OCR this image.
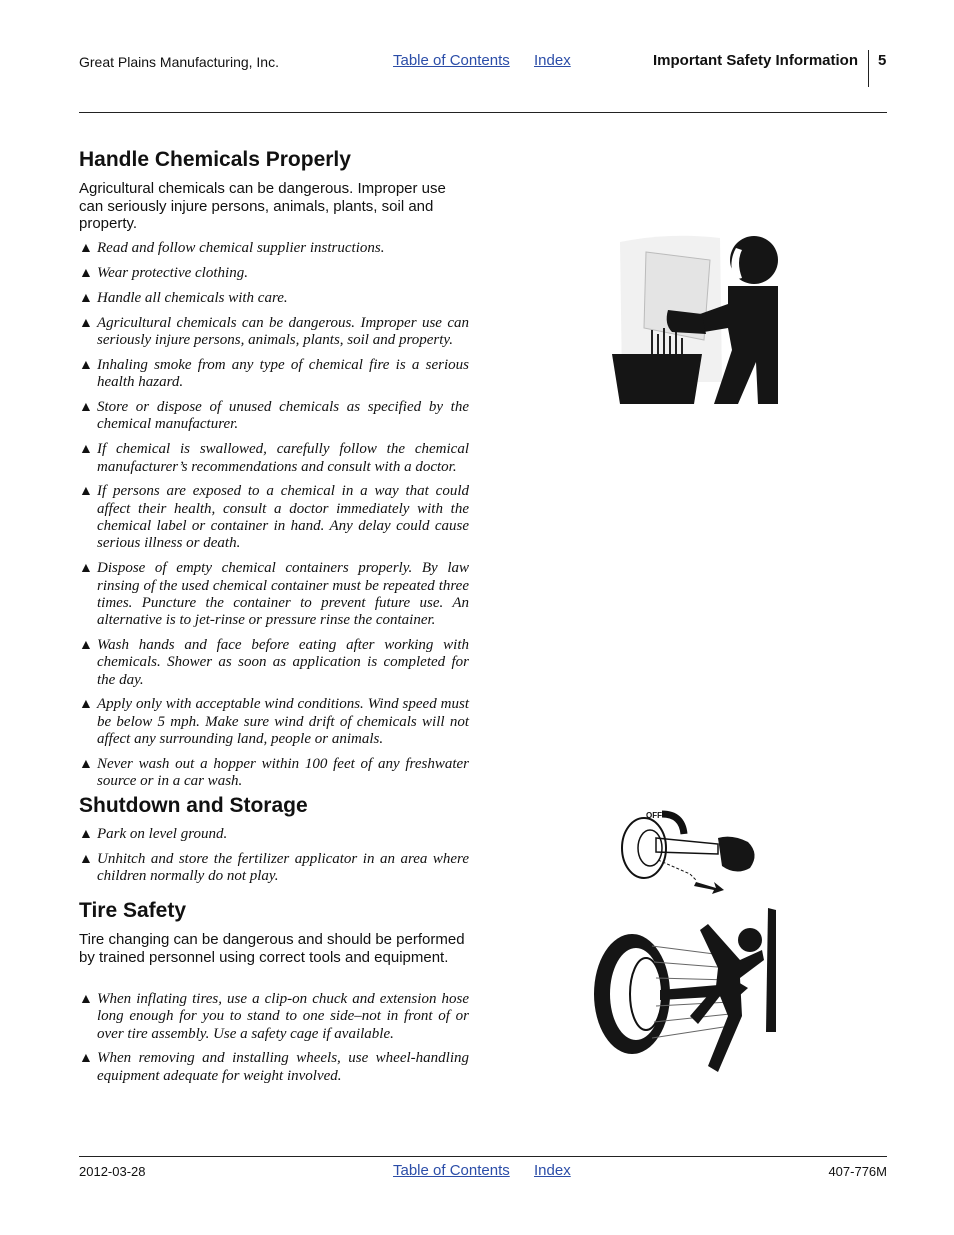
Great Plains Manufacturing, Inc.	Table of Contents Index	Important Safety Information 5
Handle Chemicals Properly
Agricultural chemicals can be dangerous. Improper use can seriously injure persons, animals, plants, soil and property.
▲ Read and follow chemical supplier instructions.
▲ Wear protective clothing.
▲ Handle all chemicals with care.
▲ Agricultural chemicals can be dangerous. Improper use can seriously injure persons, animals, plants, soil and property.
▲ Inhaling smoke from any type of chemical fire is a serious health hazard.
▲ Store or dispose of unused chemicals as specified by the chemical manufacturer.
▲ If chemical is swallowed, carefully follow the chemical manufacturer’s recommendations and consult with a doctor.
▲ If persons are exposed to a chemical in a way that could affect their health, consult a doctor immediately with the chemical label or container in hand. Any delay could cause serious illness or death.
▲ Dispose of empty chemical containers properly. By law rinsing of the used chemical container must be repeated three times. Puncture the container to prevent future use. An alternative is to jet-rinse or pressure rinse the container.
▲ Wash hands and face before eating after working with chemicals. Shower as soon as application is completed for the day.
▲ Apply only with acceptable wind conditions. Wind speed must be below 5 mph. Make sure wind drift of chemicals will not affect any surrounding land, people or animals.
▲ Never wash out a hopper within 100 feet of any freshwater source or in a car wash.
Shutdown and Storage
▲ Park on level ground.
▲ Unhitch and store the fertilizer applicator in an area where children normally do not play.
Tire Safety
Tire changing can be dangerous and should be performed by trained personnel using correct tools and equipment.
▲ When inflating tires, use a clip-on chuck and extension hose long enough for you to stand to one side–not in front of or over tire assembly. Use a safety cage if available.
▲ When removing and installing wheels, use wheel-handling equipment adequate for weight involved.
OFF
2012-03-28	Table of Contents Index	407-776M
